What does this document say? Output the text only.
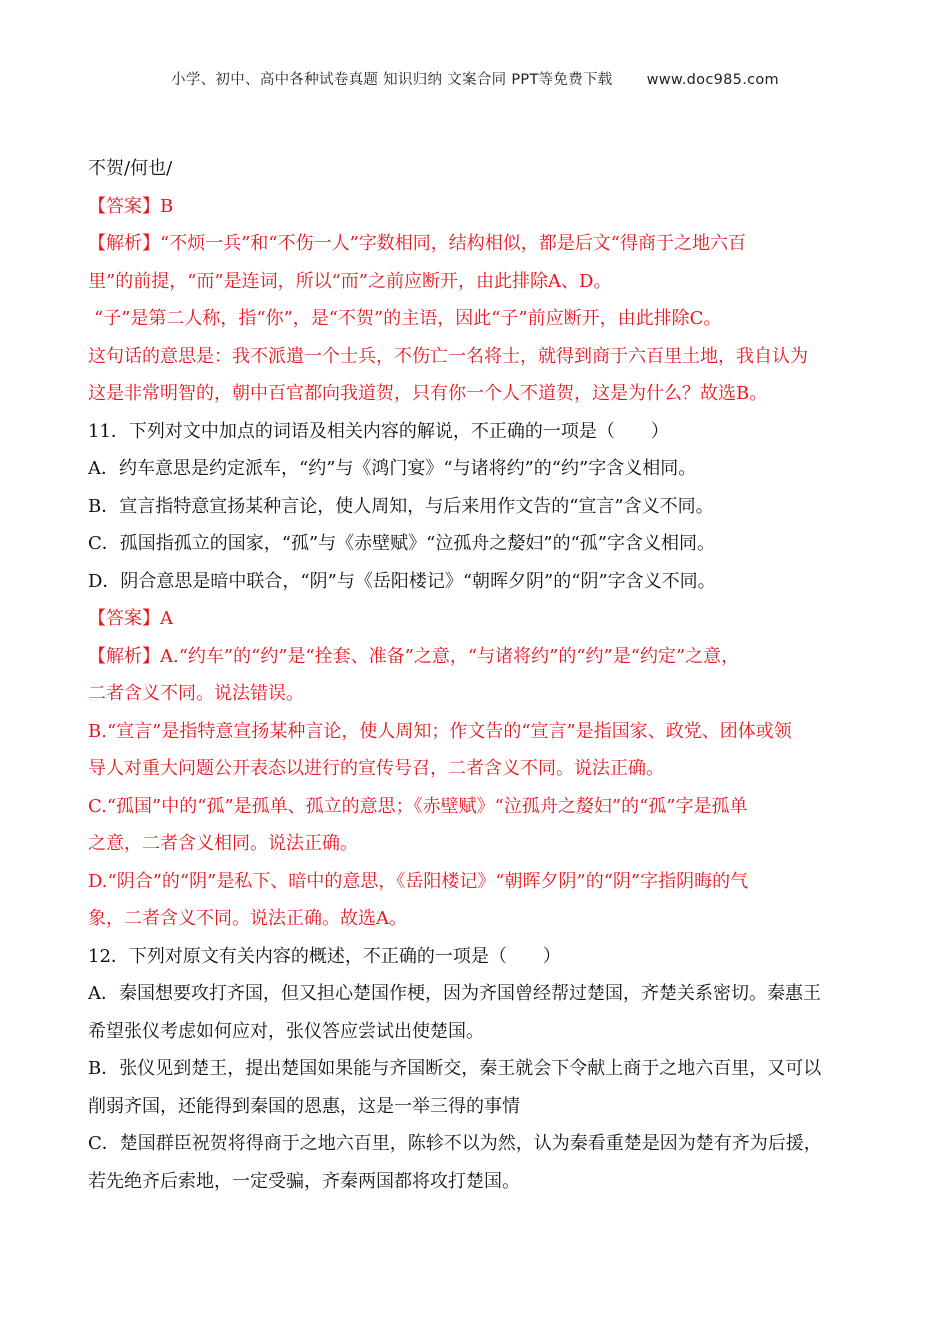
小学、初中、高中各种试卷真题 知识归纳 文案合同 PPT等免费下载 www.doc985.com
不贺/何也/
【答案】B
【解析】“不烦一兵”和“不伤一人”字数相同，结构相似，都是后文“得商于之地六百
里”的前提，“而”是连词，所以“而”之前应断开，由此排除A、D。
“子”是第二人称，指“你”，是“不贺”的主语，因此“子”前应断开，由此排除C。
这句话的意思是：我不派遣一个士兵，不伤亡一名将士，就得到商于六百里土地，我自认为
这是非常明智的，朝中百官都向我道贺，只有你一个人不道贺，这是为什么？故选B。
11．下列对文中加点的词语及相关内容的解说，不正确的一项是（　　）
A．约车意思是约定派车，“约”与《鸿门宴》“与诸将约”的“约”字含义相同。
B．宣言指特意宣扬某种言论，使人周知，与后来用作文告的“宣言”含义不同。
C．孤国指孤立的国家，“孤”与《赤壁赋》“泣孤舟之嫠妇”的“孤”字含义相同。
D．阴合意思是暗中联合，“阴”与《岳阳楼记》“朝晖夕阴”的“阴”字含义不同。
【答案】A
【解析】A.“约车”的“约”是“拴套、准备”之意，“与诸将约”的“约”是“约定”之意，
二者含义不同。说法错误。
B.“宣言”是指特意宣扬某种言论，使人周知；作文告的“宣言”是指国家、政党、团体或领
导人对重大问题公开表态以进行的宣传号召，二者含义不同。说法正确。
C.“孤国”中的“孤”是孤单、孤立的意思；《赤壁赋》“泣孤舟之嫠妇”的“孤”字是孤单
之意，二者含义相同。说法正确。
D.“阴合”的“阴”是私下、暗中的意思，《岳阳楼记》“朝晖夕阴”的“阴”字指阴晦的气
象，二者含义不同。说法正确。故选A。
12．下列对原文有关内容的概述，不正确的一项是（　　）
A．秦国想要攻打齐国，但又担心楚国作梗，因为齐国曾经帮过楚国，齐楚关系密切。秦惠王
希望张仪考虑如何应对，张仪答应尝试出使楚国。
B．张仪见到楚王，提出楚国如果能与齐国断交，秦王就会下令献上商于之地六百里，又可以
削弱齐国，还能得到秦国的恩惠，这是一举三得的事情
C．楚国群臣祝贺将得商于之地六百里，陈轸不以为然，认为秦看重楚是因为楚有齐为后援，
若先绝齐后索地，一定受骗，齐秦两国都将攻打楚国。
